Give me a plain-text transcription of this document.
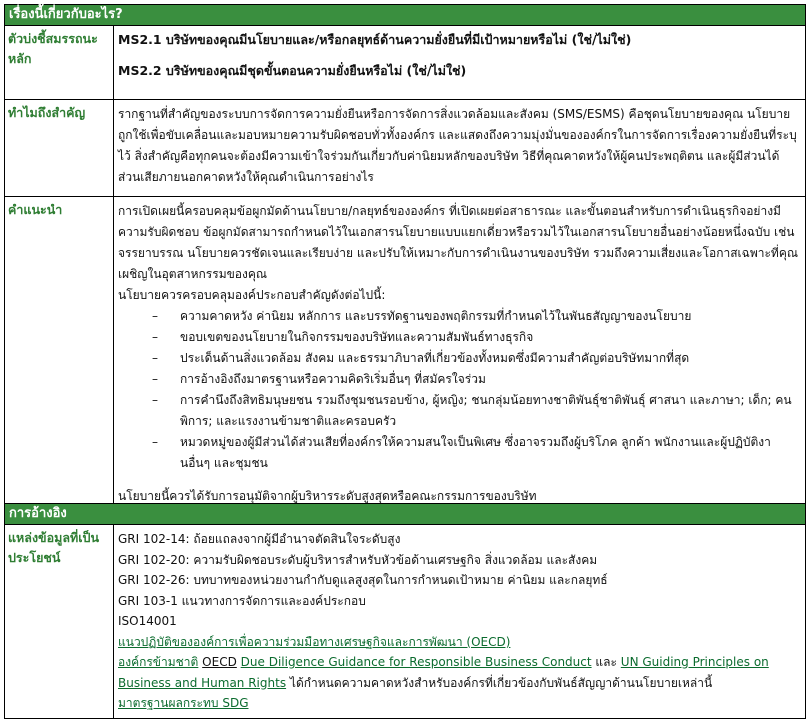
เรื่องนี้เกี่ยวกับอะไร?
ตัวบ่งชี้สมรรถนะหลัก

MS2.1 บริษัทของคุณมีนโยบายและ/หรือกลยุทธ์ด้านความยั่งยืนที่มีเป้าหมายหรือไม่ (ใช่/ไม่ใช่)

MS2.2 บริษัทของคุณมีชุดขั้นตอนความยั่งยืนหรือไม่ (ใช่/ไม่ใช่)

ทำไมถึงสำคัญ	รากฐานที่สำคัญของระบบการจัดการความยั่งยืนหรือการจัดการสิ่งแวดล้อมและสังคม (SMS/ESMS) คือชุดนโยบายของคุณ นโยบายถูกใช้เพื่อขับเคลื่อนและมอบหมายความรับผิดชอบทั่วทั้งองค์กร และแสดงถึงความมุ่งมั่นขององค์กรในการจัดการเรื่องความยั่งยืนที่ระบุไว้ สิ่งสำคัญคือทุกคนจะต้องมีความเข้าใจร่วมกันเกี่ยวกับค่านิยมหลักของบริษัท วิธีที่คุณคาดหวังให้ผู้คนประพฤติตน และผู้มีส่วนได้ส่วนเสียภายนอกคาดหวังให้คุณดำเนินการอย่างไร
คำแนะนำ	การเปิดเผยนี้ครอบคลุมข้อผูกมัดด้านนโยบาย/กลยุทธ์ขององค์กร ที่เปิดเผยต่อสาธารณะ และขั้นตอนสำหรับการดำเนินธุรกิจอย่างมีความรับผิดชอบ ข้อผูกมัดสามารถกำหนดไว้ในเอกสารนโยบายแบบแยกเดี่ยวหรือรวมไว้ในเอกสารนโยบายอื่นอย่างน้อยหนึ่งฉบับ เช่น จรรยาบรรณ นโยบายควรชัดเจนและเรียบง่าย และปรับให้เหมาะกับการดำเนินงานของบริษัท รวมถึงความเสี่ยงและโอกาสเฉพาะที่คุณเผชิญในอุตสาหกรรมของคุณ

นโยบายควรครอบคลุมองค์ประกอบสำคัญดังต่อไปนี้:

– ความคาดหวัง ค่านิยม หลักการ และบรรทัดฐานของพฤติกรรมที่กำหนดไว้ในพันธสัญญาของนโยบาย
– ขอบเขตของนโยบายในกิจกรรมของบริษัทและความสัมพันธ์ทางธุรกิจ
– ประเด็นด้านสิ่งแวดล้อม สังคม และธรรมาภิบาลที่เกี่ยวข้องทั้งหมดซึ่งมีความสำคัญต่อบริษัทมากที่สุด
– การอ้างอิงถึงมาตรฐานหรือความคิดริเริ่มอื่นๆ ที่สมัครใจร่วม
– การคำนึงถึงสิทธิมนุษยชน รวมถึงชุมชนรอบข้าง, ผู้หญิง; ชนกลุ่มน้อยทางชาติพันธุ์ชาติพันธุ์ ศาสนา และภาษา; เด็ก; คนพิการ; และแรงงานข้ามชาติและครอบครัว
– หมวดหมู่ของผู้มีส่วนได้ส่วนเสียที่องค์กรให้ความสนใจเป็นพิเศษ ซึ่งอาจรวมถึงผู้บริโภค ลูกค้า พนักงานและผู้ปฏิบัติงานอื่นๆ และชุมชน

นโยบายนี้ควรได้รับการอนุมัติจากผู้บริหารระดับสูงสุดหรือคณะกรรมการของบริษัท

การอ้างอิง
แหล่งข้อมูลที่เป็นประโยชน์

GRI 102-14: ถ้อยแถลงจากผู้มีอำนาจตัดสินใจระดับสูง

GRI 102-20: ความรับผิดชอบระดับผู้บริหารสำหรับหัวข้อด้านเศรษฐกิจ สิ่งแวดล้อม และสังคม

GRI 102-26: บทบาทของหน่วยงานกำกับดูแลสูงสุดในการกำหนดเป้าหมาย ค่านิยม และกลยุทธ์

GRI 103-1 แนวทางการจัดการและองค์ประกอบ

ISO14001

แนวปฏิบัติขององค์การเพื่อความร่วมมือทางเศรษฐกิจและการพัฒนา (OECD)

องค์กรข้ามชาติ OECD Due Diligence Guidance for Responsible Business Conduct และ UN Guiding Principles on Business and Human Rights ได้กำหนดความคาดหวังสำหรับองค์กรที่เกี่ยวข้องกับพันธ์สัญญาด้านนโยบายเหล่านี้

มาตรฐานผลกระทบ SDG
